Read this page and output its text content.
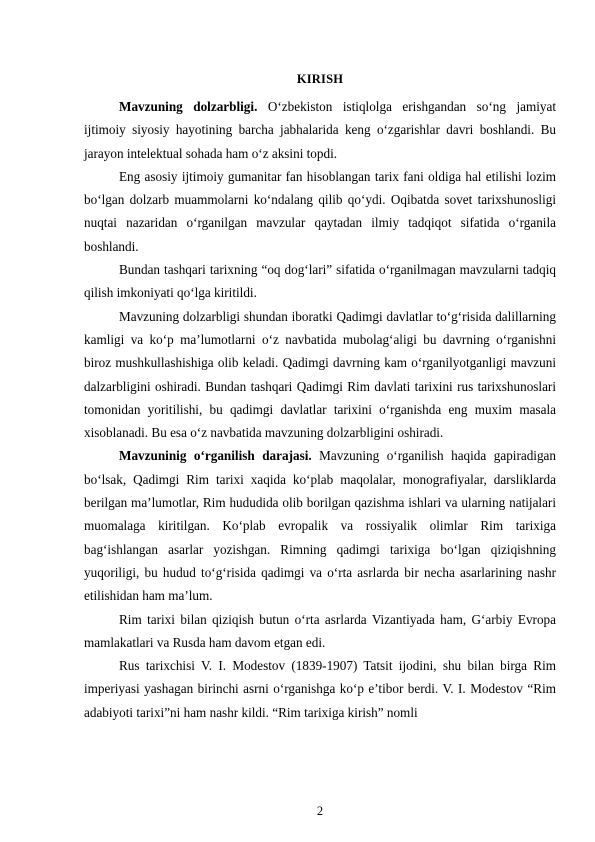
KIRISH

Mavzuning dolzarbligi. O‘zbekiston istiqlolga erishgandan so‘ng jamiyat ijtimoiy siyosiy hayotining barcha jabhalarida keng o‘zgarishlar davri boshlandi. Bu jarayon intelektual sohada ham o‘z aksini topdi.

Eng asosiy ijtimoiy gumanitar fan hisoblangan tarix fani oldiga hal etilishi lozim bo‘lgan dolzarb muammolarni ko‘ndalang qilib qo‘ydi. Oqibatda sovet tarixshunosligi nuqtai nazaridan o‘rganilgan mavzular qaytadan ilmiy tadqiqot sifatida o‘rganila boshlandi.

Bundan tashqari tarixning “oq dog‘lari” sifatida o‘rganilmagan mavzularni tadqiq qilish imkoniyati qo‘lga kiritildi.

Mavzuning dolzarbligi shundan iboratki Qadimgi davlatlar to‘g‘risida dalillarning kamligi va ko‘p ma’lumotlarni o‘z navbatida mubolag‘aligi bu davrning o‘rganishni biroz mushkullashishiga olib keladi. Qadimgi davrning kam o‘rganilyotganligi mavzuni dalzarbligini oshiradi. Bundan tashqari Qadimgi Rim davlati tarixini rus tarixshunoslari tomonidan yoritilishi, bu qadimgi davlatlar tarixini o‘rganishda eng muxim masala xisoblanadi. Bu esa o‘z navbatida mavzuning dolzarbligini oshiradi.

Mavzuninig o‘rganilish darajasi. Mavzuning o‘rganilish haqida gapiradigan bo‘lsak, Qadimgi Rim tarixi xaqida ko‘plab maqolalar, monografiyalar, darsliklarda berilgan ma’lumotlar, Rim hududida olib borilgan qazishma ishlari va ularning natijalari muomalaga kiritilgan. Ko‘plab evropalik va rossiyalik olimlar Rim tarixiga bag‘ishlangan asarlar yozishgan. Rimning qadimgi tarixiga bo‘lgan qiziqishning yuqoriligi, bu hudud to‘g‘risida qadimgi va o‘rta asrlarda bir necha asarlarining nashr etilishidan ham ma’lum.

Rim tarixi bilan qiziqish butun o‘rta asrlarda Vizantiyada ham, G‘arbiy Evropa mamlakatlari va Rusda ham davom etgan edi.

Rus tarixchisi V. I. Modestov (1839-1907) Tatsit ijodini, shu bilan birga Rim imperiyasi yashagan birinchi asrni o‘rganishga ko‘p e’tibor berdi. V. I. Modestov “Rim adabiyoti tarixi”ni ham nashr kildi. “Rim tarixiga kirish” nomli

2
